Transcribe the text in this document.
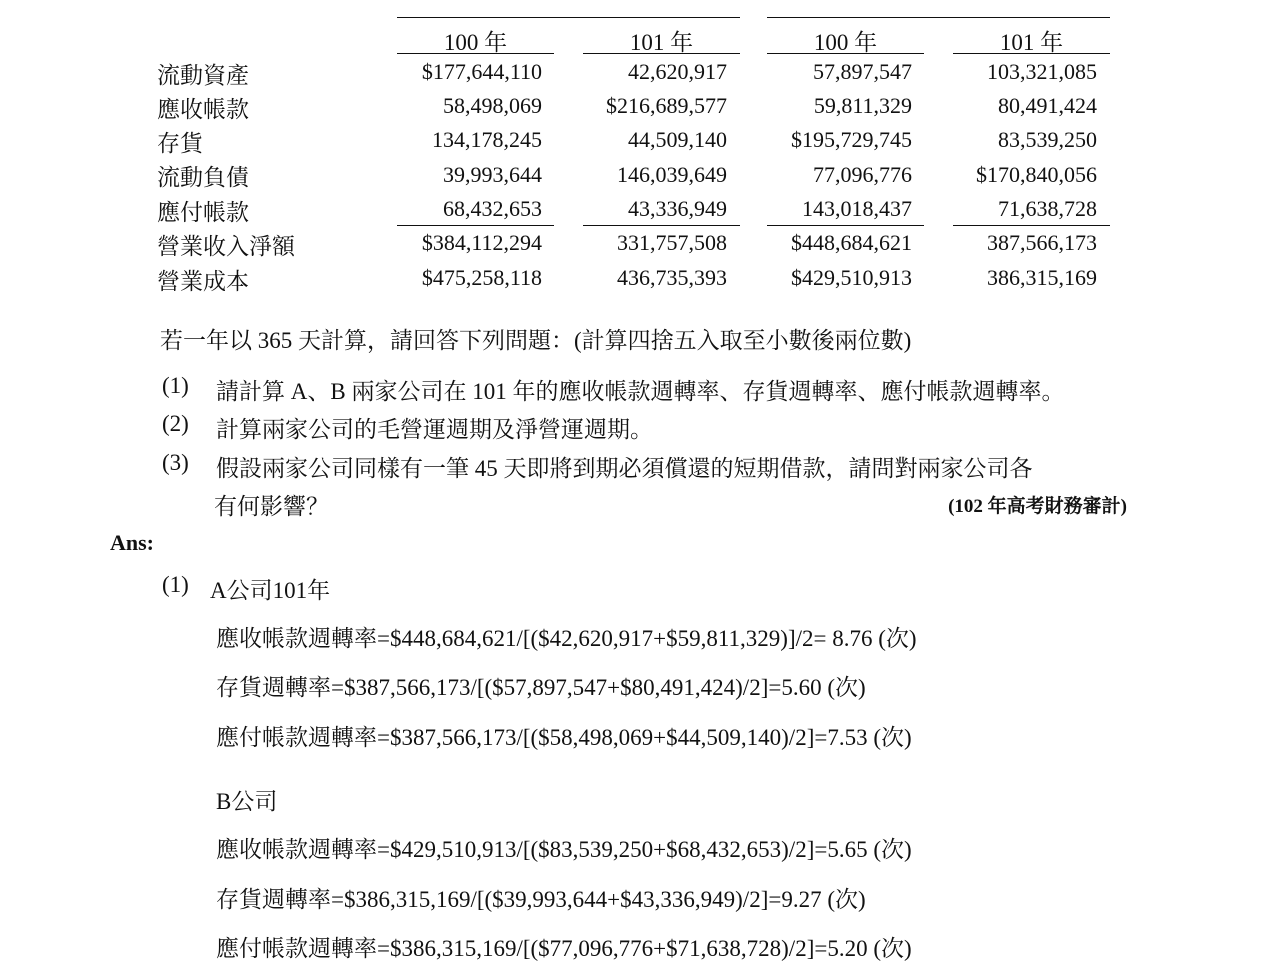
100 年	101 年	100 年	101 年
流動資產	$177,644,110	42,620,917	57,897,547	103,321,085
應收帳款	58,498,069	$216,689,577	59,811,329	80,491,424
存貨	134,178,245	44,509,140	$195,729,745	83,539,250
流動負債	39,993,644	146,039,649	77,096,776	$170,840,056
應付帳款	68,432,653	43,336,949	143,018,437	71,638,728
營業收入淨額	$384,112,294	331,757,508	$448,684,621	387,566,173
營業成本	$475,258,118	436,735,393	$429,510,913	386,315,169
若一年以 365 天計算，請回答下列問題：(計算四捨五入取至小數後兩位數)
(1) 請計算 A、B 兩家公司在 101 年的應收帳款週轉率、存貨週轉率、應付帳款週轉率。
(2) 計算兩家公司的毛營運週期及淨營運週期。
(3) 假設兩家公司同樣有一筆 45 天即將到期必須償還的短期借款，請問對兩家公司各
有何影響？	(102 年高考財務審計)
Ans:
(1) A公司101年
應收帳款週轉率=$448,684,621/[($42,620,917+$59,811,329)]/2= 8.76 (次)
存貨週轉率=$387,566,173/[($57,897,547+$80,491,424)/2]=5.60 (次)
應付帳款週轉率=$387,566,173/[($58,498,069+$44,509,140)/2]=7.53 (次)
B公司
應收帳款週轉率=$429,510,913/[($83,539,250+$68,432,653)/2]=5.65 (次)
存貨週轉率=$386,315,169/[($39,993,644+$43,336,949)/2]=9.27 (次)
應付帳款週轉率=$386,315,169/[($77,096,776+$71,638,728)/2]=5.20 (次)
